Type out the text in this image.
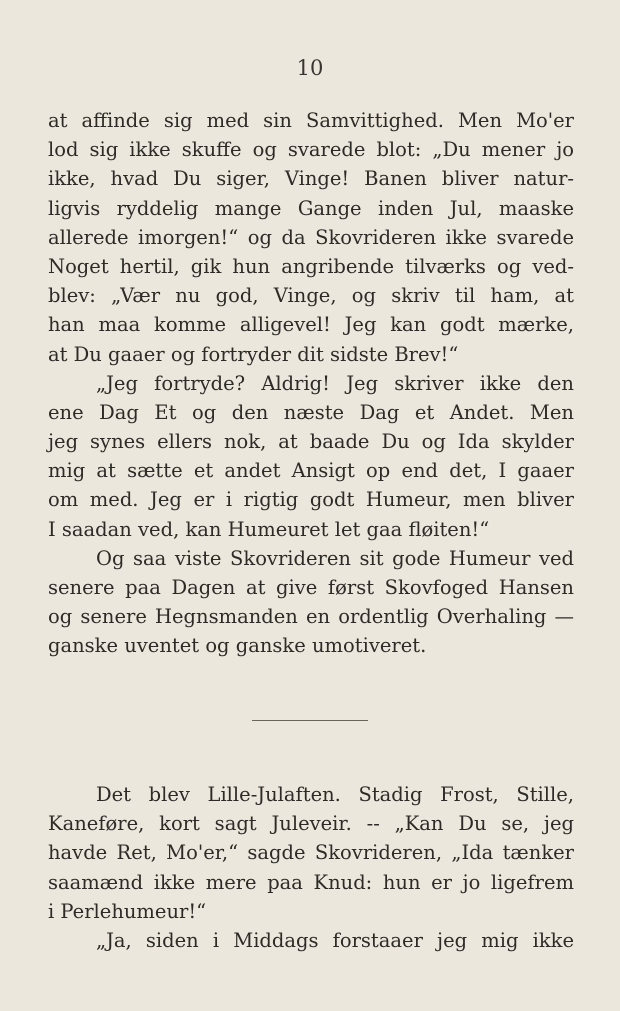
10
at affinde sig med sin Samvittighed. Men Mo'er
lod sig ikke skuffe og svarede blot: „Du mener jo
ikke, hvad Du siger, Vinge! Banen bliver natur-
ligvis ryddelig mange Gange inden Jul, maaske
allerede imorgen!“ og da Skovrideren ikke svarede
Noget hertil, gik hun angribende tilværks og ved-
blev: „Vær nu god, Vinge, og skriv til ham, at
han maa komme alligevel! Jeg kan godt mærke,
at Du gaaer og fortryder dit sidste Brev!“
„Jeg fortryde? Aldrig! Jeg skriver ikke den
ene Dag Et og den næste Dag et Andet. Men
jeg synes ellers nok, at baade Du og Ida skylder
mig at sætte et andet Ansigt op end det, I gaaer
om med. Jeg er i rigtig godt Humeur, men bliver
I saadan ved, kan Humeuret let gaa fløiten!“
Og saa viste Skovrideren sit gode Humeur ved
senere paa Dagen at give først Skovfoged Hansen
og senere Hegnsmanden en ordentlig Overhaling —
ganske uventet og ganske umotiveret.
Det blev Lille-Julaften. Stadig Frost, Stille,
Kaneføre, kort sagt Juleveir. -- „Kan Du se, jeg
havde Ret, Mo'er,“ sagde Skovrideren, „Ida tænker
saamænd ikke mere paa Knud: hun er jo ligefrem
i Perlehumeur!“
„Ja, siden i Middags forstaaer jeg mig ikke
